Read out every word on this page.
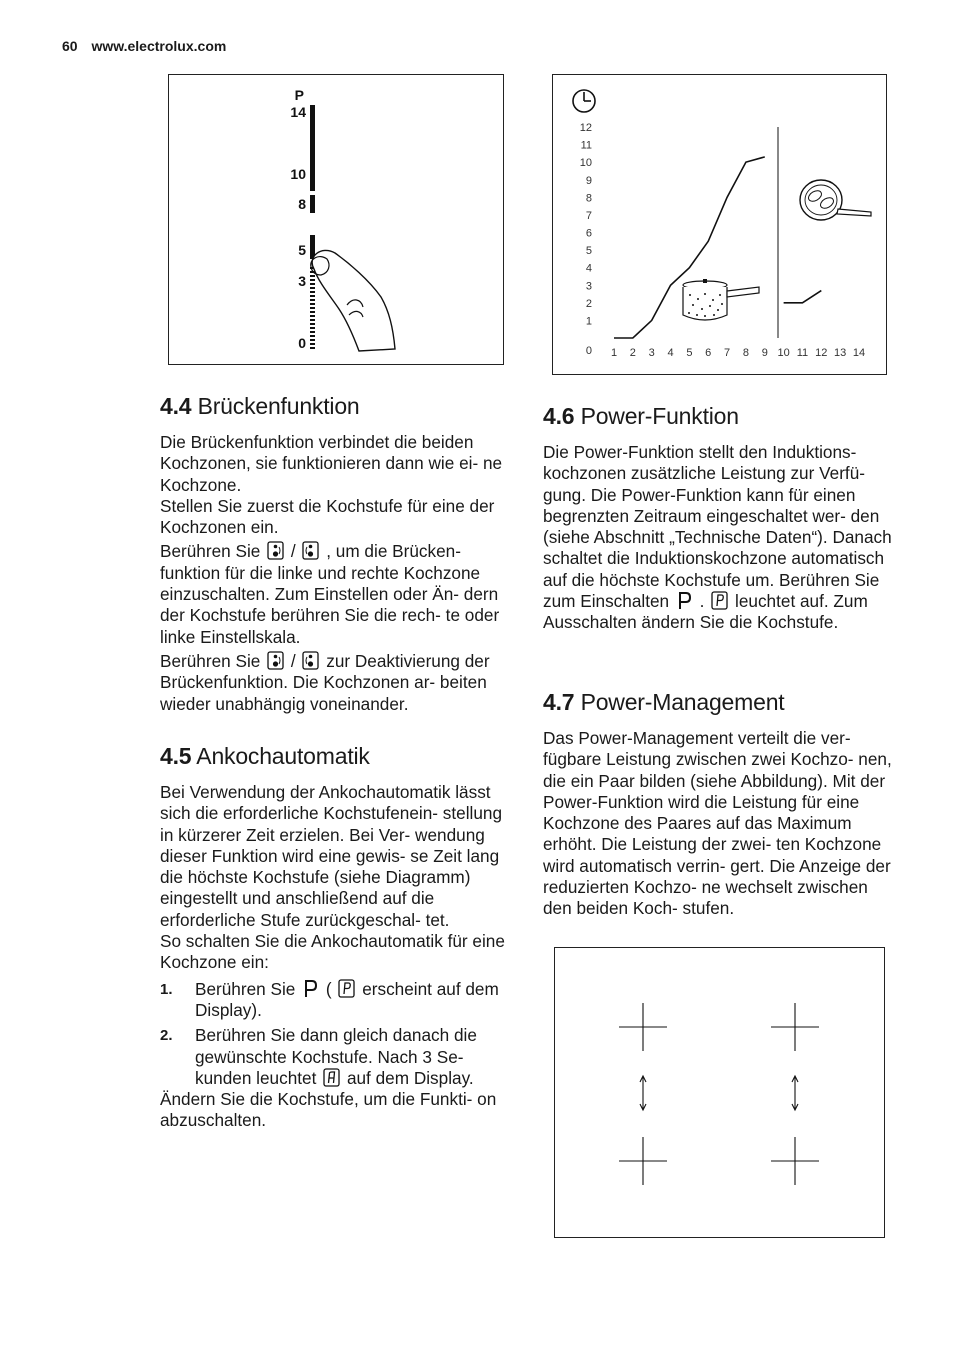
60 www.electrolux.com
P
14
10
8
5
3
0
12
11
10
9
8
7
6
5
4
3
2
1
0 1 2 3 4 5 6 7 8 9 10 11 12 13 14
4.4 Brückenfunktion

Die Brückenfunktion verbindet die beiden Kochzonen, sie funktionieren dann wie ei- ne Kochzone.

Stellen Sie zuerst die Kochstufe für eine der Kochzonen ein.

Berühren Sie / , um die Brücken- funktion für die linke und rechte Kochzone einzuschalten. Zum Einstellen oder Än- dern der Kochstufe berühren Sie die rech- te oder linke Einstellskala.

Berühren Sie / zur Deaktivierung der Brückenfunktion. Die Kochzonen ar- beiten wieder unabhängig voneinander.

4.5 Ankochautomatik

Bei Verwendung der Ankochautomatik lässt sich die erforderliche Kochstufenein- stellung in kürzerer Zeit erzielen. Bei Ver- wendung dieser Funktion wird eine gewis- se Zeit lang die höchste Kochstufe (siehe Diagramm) eingestellt und anschließend auf die erforderliche Stufe zurückgeschal- tet.

So schalten Sie die Ankochautomatik für eine Kochzone ein:

1. Berühren Sie ( erscheint auf dem Display).
2. Berühren Sie dann gleich danach die gewünschte Kochstufe. Nach 3 Se- kunden leuchtet auf dem Display.

Ändern Sie die Kochstufe, um die Funkti- on abzuschalten.

4.6 Power-Funktion

Die Power-Funktion stellt den Induktions- kochzonen zusätzliche Leistung zur Verfü- gung. Die Power-Funktion kann für einen begrenzten Zeitraum eingeschaltet wer- den (siehe Abschnitt „Technische Daten“). Danach schaltet die Induktionskochzone automatisch auf die höchste Kochstufe um. Berühren Sie zum Einschalten . leuchtet auf. Zum Ausschalten ändern Sie die Kochstufe.

4.7 Power-Management

Das Power-Management verteilt die ver- fügbare Leistung zwischen zwei Kochzo- nen, die ein Paar bilden (siehe Abbildung). Mit der Power-Funktion wird die Leistung für eine Kochzone des Paares auf das Maximum erhöht. Die Leistung der zwei- ten Kochzone wird automatisch verrin- gert. Die Anzeige der reduzierten Kochzo- ne wechselt zwischen den beiden Koch- stufen.
